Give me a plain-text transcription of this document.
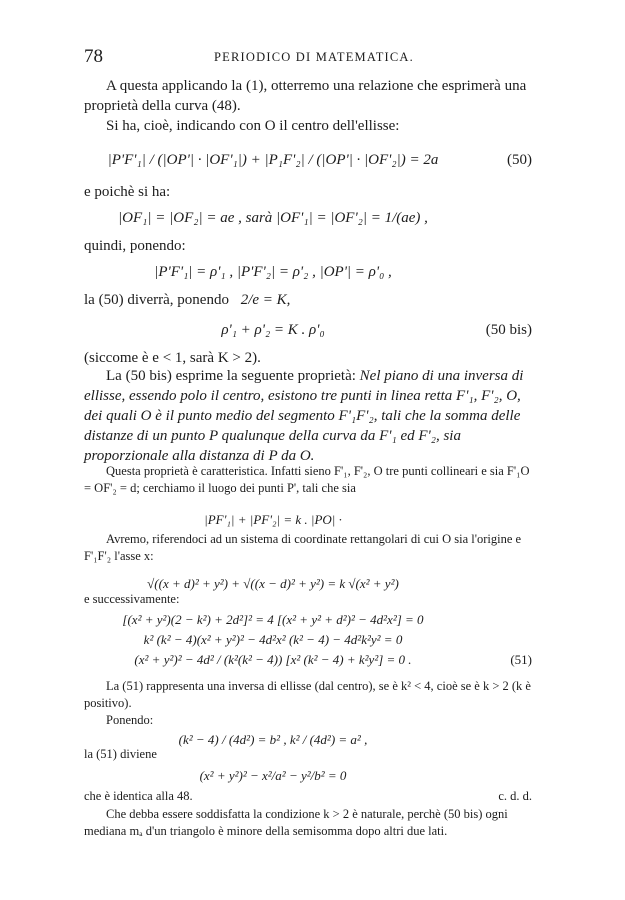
78	PERIODICO DI MATEMATICA.
A questa applicando la (1), otterremo una relazione che esprimerà una proprietà della curva (48).
Si ha, cioè, indicando con O il centro dell'ellisse:
|P'F'₁| / (|OP'| · |OF'₁|) + |P₁F'₂| / (|OP'| · |OF'₂|) = 2a	(50)
e poichè si ha:
|OF₁| = |OF₂| = ae , sarà |OF'₁| = |OF'₂| = 1/(ae) ,
quindi, ponendo:
|P'F'₁| = ρ'₁ , |P'F'₂| = ρ'₂ , |OP'| = ρ'₀ ,
la (50) diverrà, ponendo 2/e = K,
ρ'₁ + ρ'₂ = K . ρ'₀	(50 bis)
(siccome è e < 1, sarà K > 2).
La (50 bis) esprime la seguente proprietà: Nel piano di una inversa di ellisse, essendo polo il centro, esistono tre punti in linea retta F'₁, F'₂, O, dei quali O è il punto medio del segmento F'₁F'₂, tali che la somma delle distanze di un punto P qualunque della curva da F'₁ ed F'₂, sia proporzionale alla distanza di P da O.
Questa proprietà è caratteristica. Infatti sieno F'₁, F'₂, O tre punti collineari e sia F'₁O = OF'₂ = d; cerchiamo il luogo dei punti P', tali che sia
|PF'₁| + |PF'₂| = k . |PO| ·
Avremo, riferendoci ad un sistema di coordinate rettangolari di cui O sia l'origine e F'₁F'₂ l'asse x:
√((x + d)² + y²) + √((x − d)² + y²) = k √(x² + y²)
e successivamente:
[(x² + y²)(2 − k²) + 2d²]² = 4 [(x² + y² + d²)² − 4d²x²] = 0
k² (k² − 4)(x² + y²)² − 4d²x² (k² − 4) − 4d²k²y² = 0
(x² + y²)² − 4d² / (k²(k² − 4)) [x² (k² − 4) + k²y²] = 0 .	(51)
La (51) rappresenta una inversa di ellisse (dal centro), se è k² < 4, cioè se è k > 2 (k è positivo).
Ponendo:
(k² − 4) / (4d²) = b² , k² / (4d²) = a² ,
la (51) diviene
(x² + y²)² − x²/a² − y²/b² = 0
che è identica alla 48.	c. d. d.
Che debba essere soddisfatta la condizione k > 2 è naturale, perchè (50 bis) ogni mediana mₐ d'un triangolo è minore della semisomma dopo altri due lati.
